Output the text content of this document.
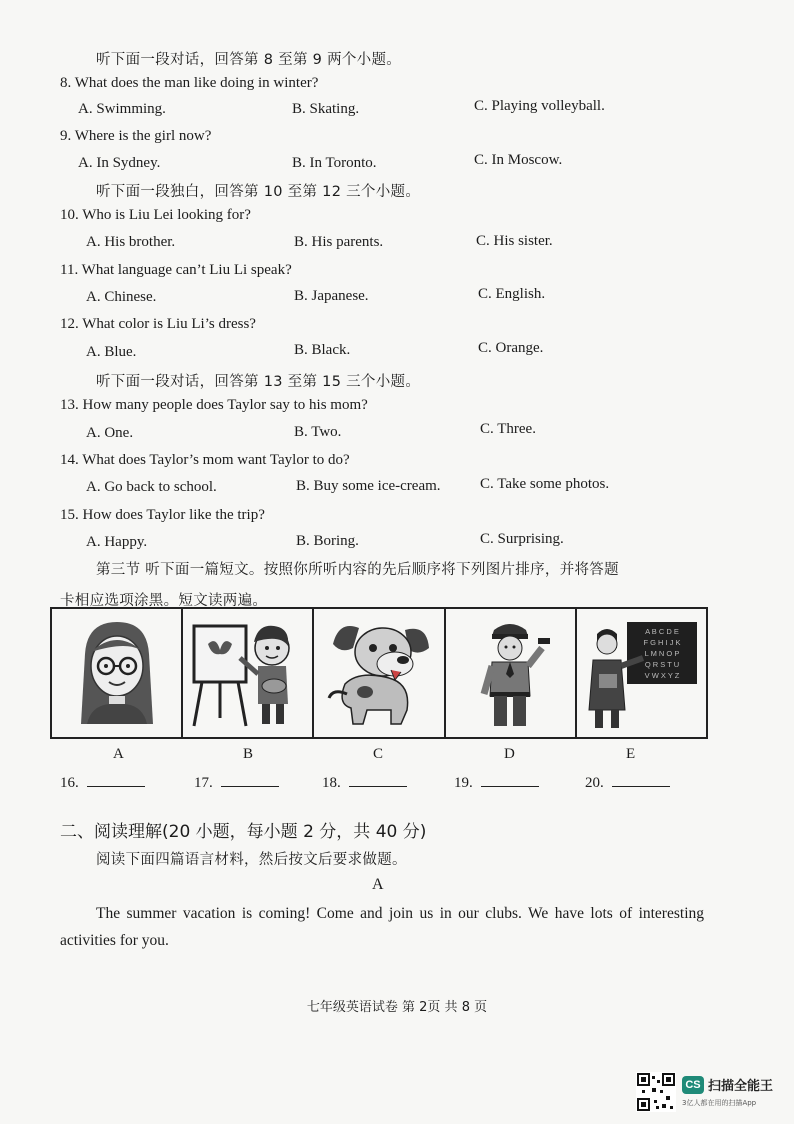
听下面一段对话，回答第 8 至第 9 两个小题。
8. What does the man like doing in winter?
A. Swimming.	B. Skating.	C. Playing volleyball.
9. Where is the girl now?
A. In Sydney.	B. In Toronto.	C. In Moscow.
听下面一段独白，回答第 10 至第 12 三个小题。
10. Who is Liu Lei looking for?
A. His brother.	B. His parents.	C. His sister.
11. What language can’t Liu Li speak?
A. Chinese.	B. Japanese.	C. English.
12. What color is Liu Li’s dress?
A. Blue.	B. Black.	C. Orange.
听下面一段对话，回答第 13 至第 15 三个小题。
13. How many people does Taylor say to his mom?
A. One.	B. Two.	C. Three.
14. What does Taylor’s mom want Taylor to do?
A. Go back to school.	B. Buy some ice-cream.	C. Take some photos.
15. How does Taylor like the trip?
A. Happy.	B. Boring.	C. Surprising.
第三节 听下面一篇短文。按照你所听内容的先后顺序将下列图片排序，并将答题
卡相应选项涂黑。短文读两遍。
A B C D E
F G H I J K
L M N O P
Q R S T U
V W X Y Z
A	B	C	D	E
16.	17.	18.	19.	20.
二、阅读理解(20 小题，每小题 2 分，共 40 分)
阅读下面四篇语言材料，然后按文后要求做题。
A
The summer vacation is coming! Come and join us in our clubs. We have lots of interesting activities for you.
七年级英语试卷 第 2页 共 8 页
CS 扫描全能王
3亿人都在用的扫描App
